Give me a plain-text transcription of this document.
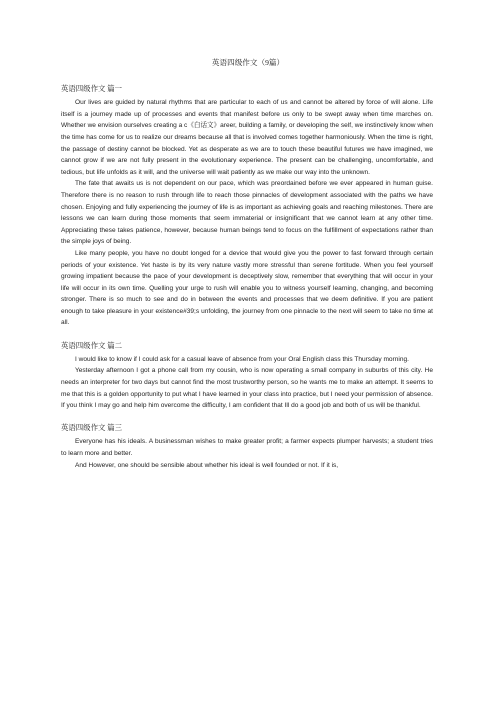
英语四级作文（9篇）
英语四级作文 篇一

Our lives are guided by natural rhythms that are particular to each of us and cannot be altered by force of will alone. Life itself is a journey made up of processes and events that manifest before us only to be swept away when time marches on. Whether we envision ourselves creating a c《白话文》areer, building a family, or developing the self, we instinctively know when the time has come for us to realize our dreams because all that is involved comes together harmoniously. When the time is right, the passage of destiny cannot be blocked. Yet as desperate as we are to touch these beautiful futures we have imagined, we cannot grow if we are not fully present in the evolutionary experience. The present can be challenging, uncomfortable, and tedious, but life unfolds as it will, and the universe will wait patiently as we make our way into the unknown.

The fate that awaits us is not dependent on our pace, which was preordained before we ever appeared in human guise. Therefore there is no reason to rush through life to reach those pinnacles of development associated with the paths we have chosen. Enjoying and fully experiencing the journey of life is as important as achieving goals and reaching milestones. There are lessons we can learn during those moments that seem immaterial or insignificant that we cannot learn at any other time. Appreciating these takes patience, however, because human beings tend to focus on the fulfillment of expectations rather than the simple joys of being.

Like many people, you have no doubt longed for a device that would give you the power to fast forward through certain periods of your existence. Yet haste is by its very nature vastly more stressful than serene fortitude. When you feel yourself growing impatient because the pace of your development is deceptively slow, remember that everything that will occur in your life will occur in its own time. Quelling your urge to rush will enable you to witness yourself learning, changing, and becoming stronger. There is so much to see and do in between the events and processes that we deem definitive. If you are patient enough to take pleasure in your existence#39;s unfolding, the journey from one pinnacle to the next will seem to take no time at all.

英语四级作文 篇二

I would like to know if I could ask for a casual leave of absence from your Oral English class this Thursday morning.

Yesterday afternoon I got a phone call from my cousin, who is now operating a small company in suburbs of this city. He needs an interpreter for two days but cannot find the most trustworthy person, so he wants me to make an attempt. It seems to me that this is a golden opportunity to put what I have learned in your class into practice, but I need your permission of absence. If you think I may go and help him overcome the difficulty, I am confident that Ill do a good job and both of us will be thankful.

英语四级作文 篇三

Everyone has his ideals. A businessman wishes to make greater profit; a farmer expects plumper harvests; a student tries to learn more and better.

And However, one should be sensible about whether his ideal is well founded or not. If it is,
